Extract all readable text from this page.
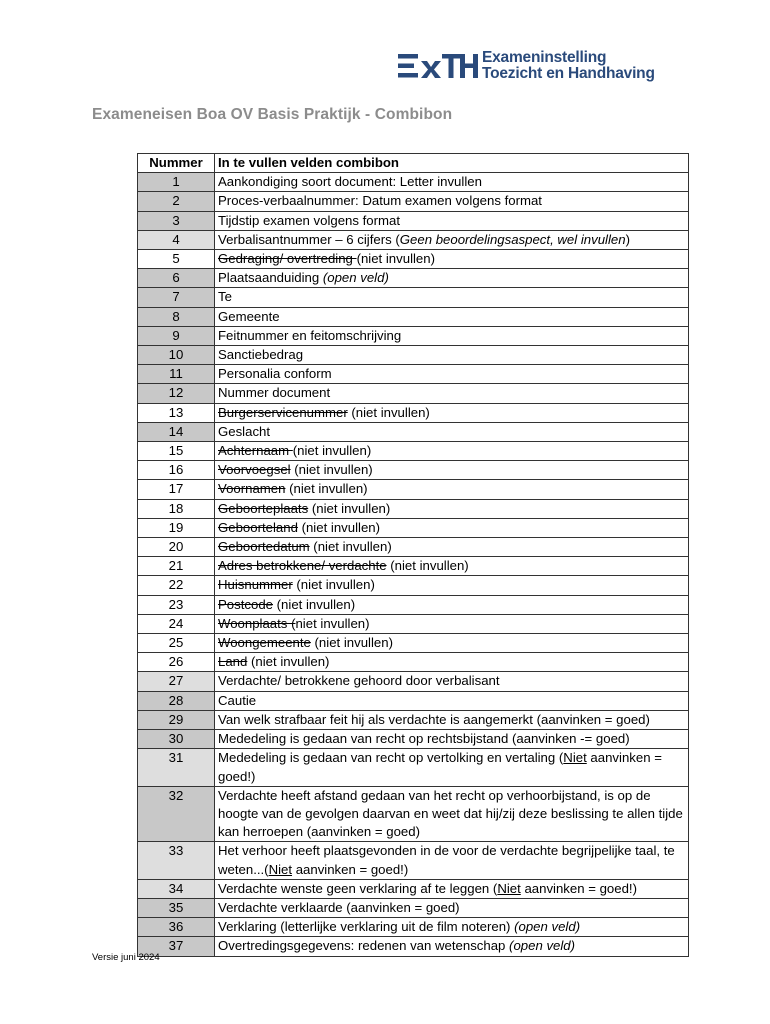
Exameninstelling
Toezicht en Handhaving
Exameneisen Boa OV Basis Praktijk - Combibon
Nummer	In te vullen velden combibon
1	Aankondiging soort document: Letter invullen
2	Proces-verbaalnummer: Datum examen volgens format
3	Tijdstip examen volgens format
4	Verbalisantnummer – 6 cijfers (Geen beoordelingsaspect, wel invullen)
5	Gedraging/ overtreding (niet invullen)
6	Plaatsaanduiding (open veld)
7	Te
8	Gemeente
9	Feitnummer en feitomschrijving
10	Sanctiebedrag
11	Personalia conform
12	Nummer document
13	Burgerservicenummer (niet invullen)
14	Geslacht
15	Achternaam (niet invullen)
16	Voorvoegsel (niet invullen)
17	Voornamen (niet invullen)
18	Geboorteplaats (niet invullen)
19	Geboorteland (niet invullen)
20	Geboortedatum (niet invullen)
21	Adres betrokkene/ verdachte (niet invullen)
22	Huisnummer (niet invullen)
23	Postcode (niet invullen)
24	Woonplaats (niet invullen)
25	Woongemeente (niet invullen)
26	Land (niet invullen)
27	Verdachte/ betrokkene gehoord door verbalisant
28	Cautie
29	Van welk strafbaar feit hij als verdachte is aangemerkt (aanvinken = goed)
30	Mededeling is gedaan van recht op rechtsbijstand (aanvinken -= goed)
31	Mededeling is gedaan van recht op vertolking en vertaling (Niet aanvinken = goed!)
32	Verdachte heeft afstand gedaan van het recht op verhoorbijstand, is op de hoogte van de gevolgen daarvan en weet dat hij/zij deze beslissing te allen tijde kan herroepen (aanvinken = goed)
33	Het verhoor heeft plaatsgevonden in de voor de verdachte begrijpelijke taal, te weten...(Niet aanvinken = goed!)
34	Verdachte wenste geen verklaring af te leggen (Niet aanvinken = goed!)
35	Verdachte verklaarde (aanvinken = goed)
36	Verklaring (letterlijke verklaring uit de film noteren) (open veld)
37	Overtredingsgegevens: redenen van wetenschap (open veld)
Versie juni 2024
